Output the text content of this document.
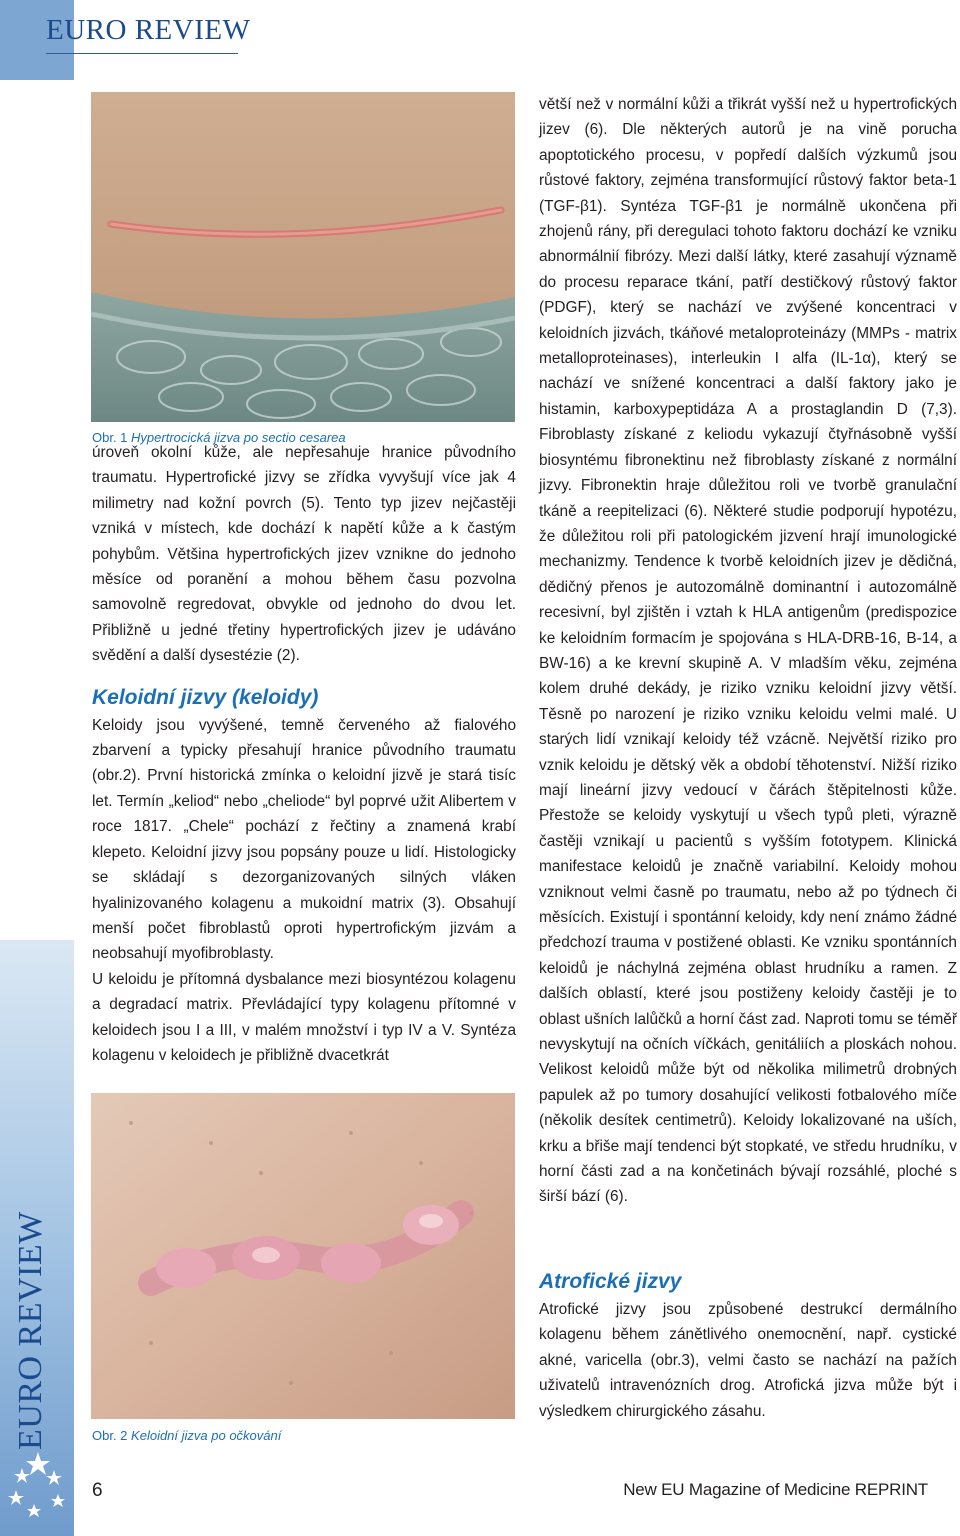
EURO REVIEW
EURO REVIEW
Obr. 1 Hypertrocická jizva po sectio cesarea

úroveň okolní kůže, ale nepřesahuje hranice původního traumatu. Hypertrofické jizvy se zřídka vyvyšují více jak 4 milimetry nad kožní povrch (5). Tento typ jizev nejčastěji vzniká v místech, kde dochází k napětí kůže a k častým pohybům. Většina hypertrofických jizev vznikne do jednoho měsíce od poranění a mohou během času pozvolna samovolně regredovat, obvykle od jednoho do dvou let. Přibližně u jedné třetiny hypertrofických jizev je udáváno svědění a další dysestézie (2).

Keloidní jizvy (keloidy)

Keloidy jsou vyvýšené, temně červeného až fialového zbarvení a typicky přesahují hranice původního traumatu (obr.2). První historická zmínka o keloidní jizvě je stará tisíc let. Termín „keliod“ nebo „cheliode“ byl poprvé užit Alibertem v roce 1817. „Chele“ pochází z řečtiny a znamená krabí klepeto. Keloidní jizvy jsou popsány pouze u lidí. Histologicky se skládají s dezorganizovaných silných vláken hyalinizovaného kolagenu a mukoidní matrix (3). Obsahují menší počet fibroblastů oproti hypertrofickým jizvám a neobsahují myofibroblasty.

U keloidu je přítomná dysbalance mezi biosyntézou kolagenu a degradací matrix. Převládající typy kolagenu přítomné v keloidech jsou I a III, v malém množství i typ IV a V. Syntéza kolagenu v keloidech je přibližně dvacetkrát

Obr. 2 Keloidní jizva po očkování

větší než v normální kůži a třikrát vyšší než u hypertrofických jizev (6). Dle některých autorů je na vině porucha apoptotického procesu, v popředí dalších výzkumů jsou růstové faktory, zejména transformující růstový faktor beta-1 (TGF-β1). Syntéza TGF-β1 je normálně ukončena při zhojenů rány, při deregulaci tohoto faktoru dochází ke vzniku abnormálnií fibrózy. Mezi další látky, které zasahují významě do procesu reparace tkání, patří destičkový růstový faktor (PDGF), který se nachází ve zvýšené koncentraci v keloidních jizvách, tkáňové metaloproteinázy (MMPs - matrix metalloproteinases), interleukin I alfa (IL-1α), který se nachází ve snížené koncentraci a další faktory jako je histamin, karboxypeptidáza A a prostaglandin D (7,3). Fibroblasty získané z keliodu vykazují čtyřnásobně vyšší biosyntému fibronektinu než fibroblasty získané z normální jizvy. Fibronektin hraje důležitou roli ve tvorbě granulační tkáně a reepitelizaci (6). Některé studie podporují hypotézu, že důležitou roli při patologickém jizvení hrají imunologické mechanizmy. Tendence k tvorbě keloidních jizev je dědičná, dědičný přenos je autozomálně dominantní i autozomálně recesivní, byl zjištěn i vztah k HLA antigenům (predispozice ke keloidním formacím je spojována s HLA-DRB-16, B-14, a BW-16) a ke krevní skupině A. V mladším věku, zejména kolem druhé dekády, je riziko vzniku keloidní jizvy větší. Těsně po narození je riziko vzniku keloidu velmi malé. U starých lidí vznikají keloidy též vzácně. Největší riziko pro vznik keloidu je dětský věk a období těhotenství. Nižší riziko mají lineární jizvy vedoucí v čárách štěpitelnosti kůže. Přestože se keloidy vyskytují u všech typů pleti, výrazně častěji vznikají u pacientů s vyšším fototypem. Klinická manifestace keloidů je značně variabilní. Keloidy mohou vzniknout velmi časně po traumatu, nebo až po týdnech či měsících. Existují i spontánní keloidy, kdy není známo žádné předchozí trauma v postižené oblasti. Ke vzniku spontánních keloidů je náchylná zejména oblast hrudníku a ramen. Z dalších oblastí, které jsou postiženy keloidy častěji je to oblast ušních lalůčků a horní část zad. Naproti tomu se téměř nevyskytují na očních víčkách, genitáliích a ploskách nohou. Velikost keloidů může být od několika milimetrů drobných papulek až po tumory dosahující velikosti fotbalového míče (několik desítek centimetrů). Keloidy lokalizované na uších, krku a břiše mají tendenci být stopkaté, ve středu hrudníku, v horní části zad a na končetinách bývají rozsáhlé, ploché s širší bází (6).

Atrofické jizvy

Atrofické jizvy jsou způsobené destrukcí dermálního kolagenu během zánětlivého onemocnění, např. cystické akné, varicella (obr.3), velmi často se nachází na pažích uživatelů intravenózních drog. Atrofická jizva může být i výsledkem chirurgického zásahu.

6	New EU Magazine of Medicine REPRINT
